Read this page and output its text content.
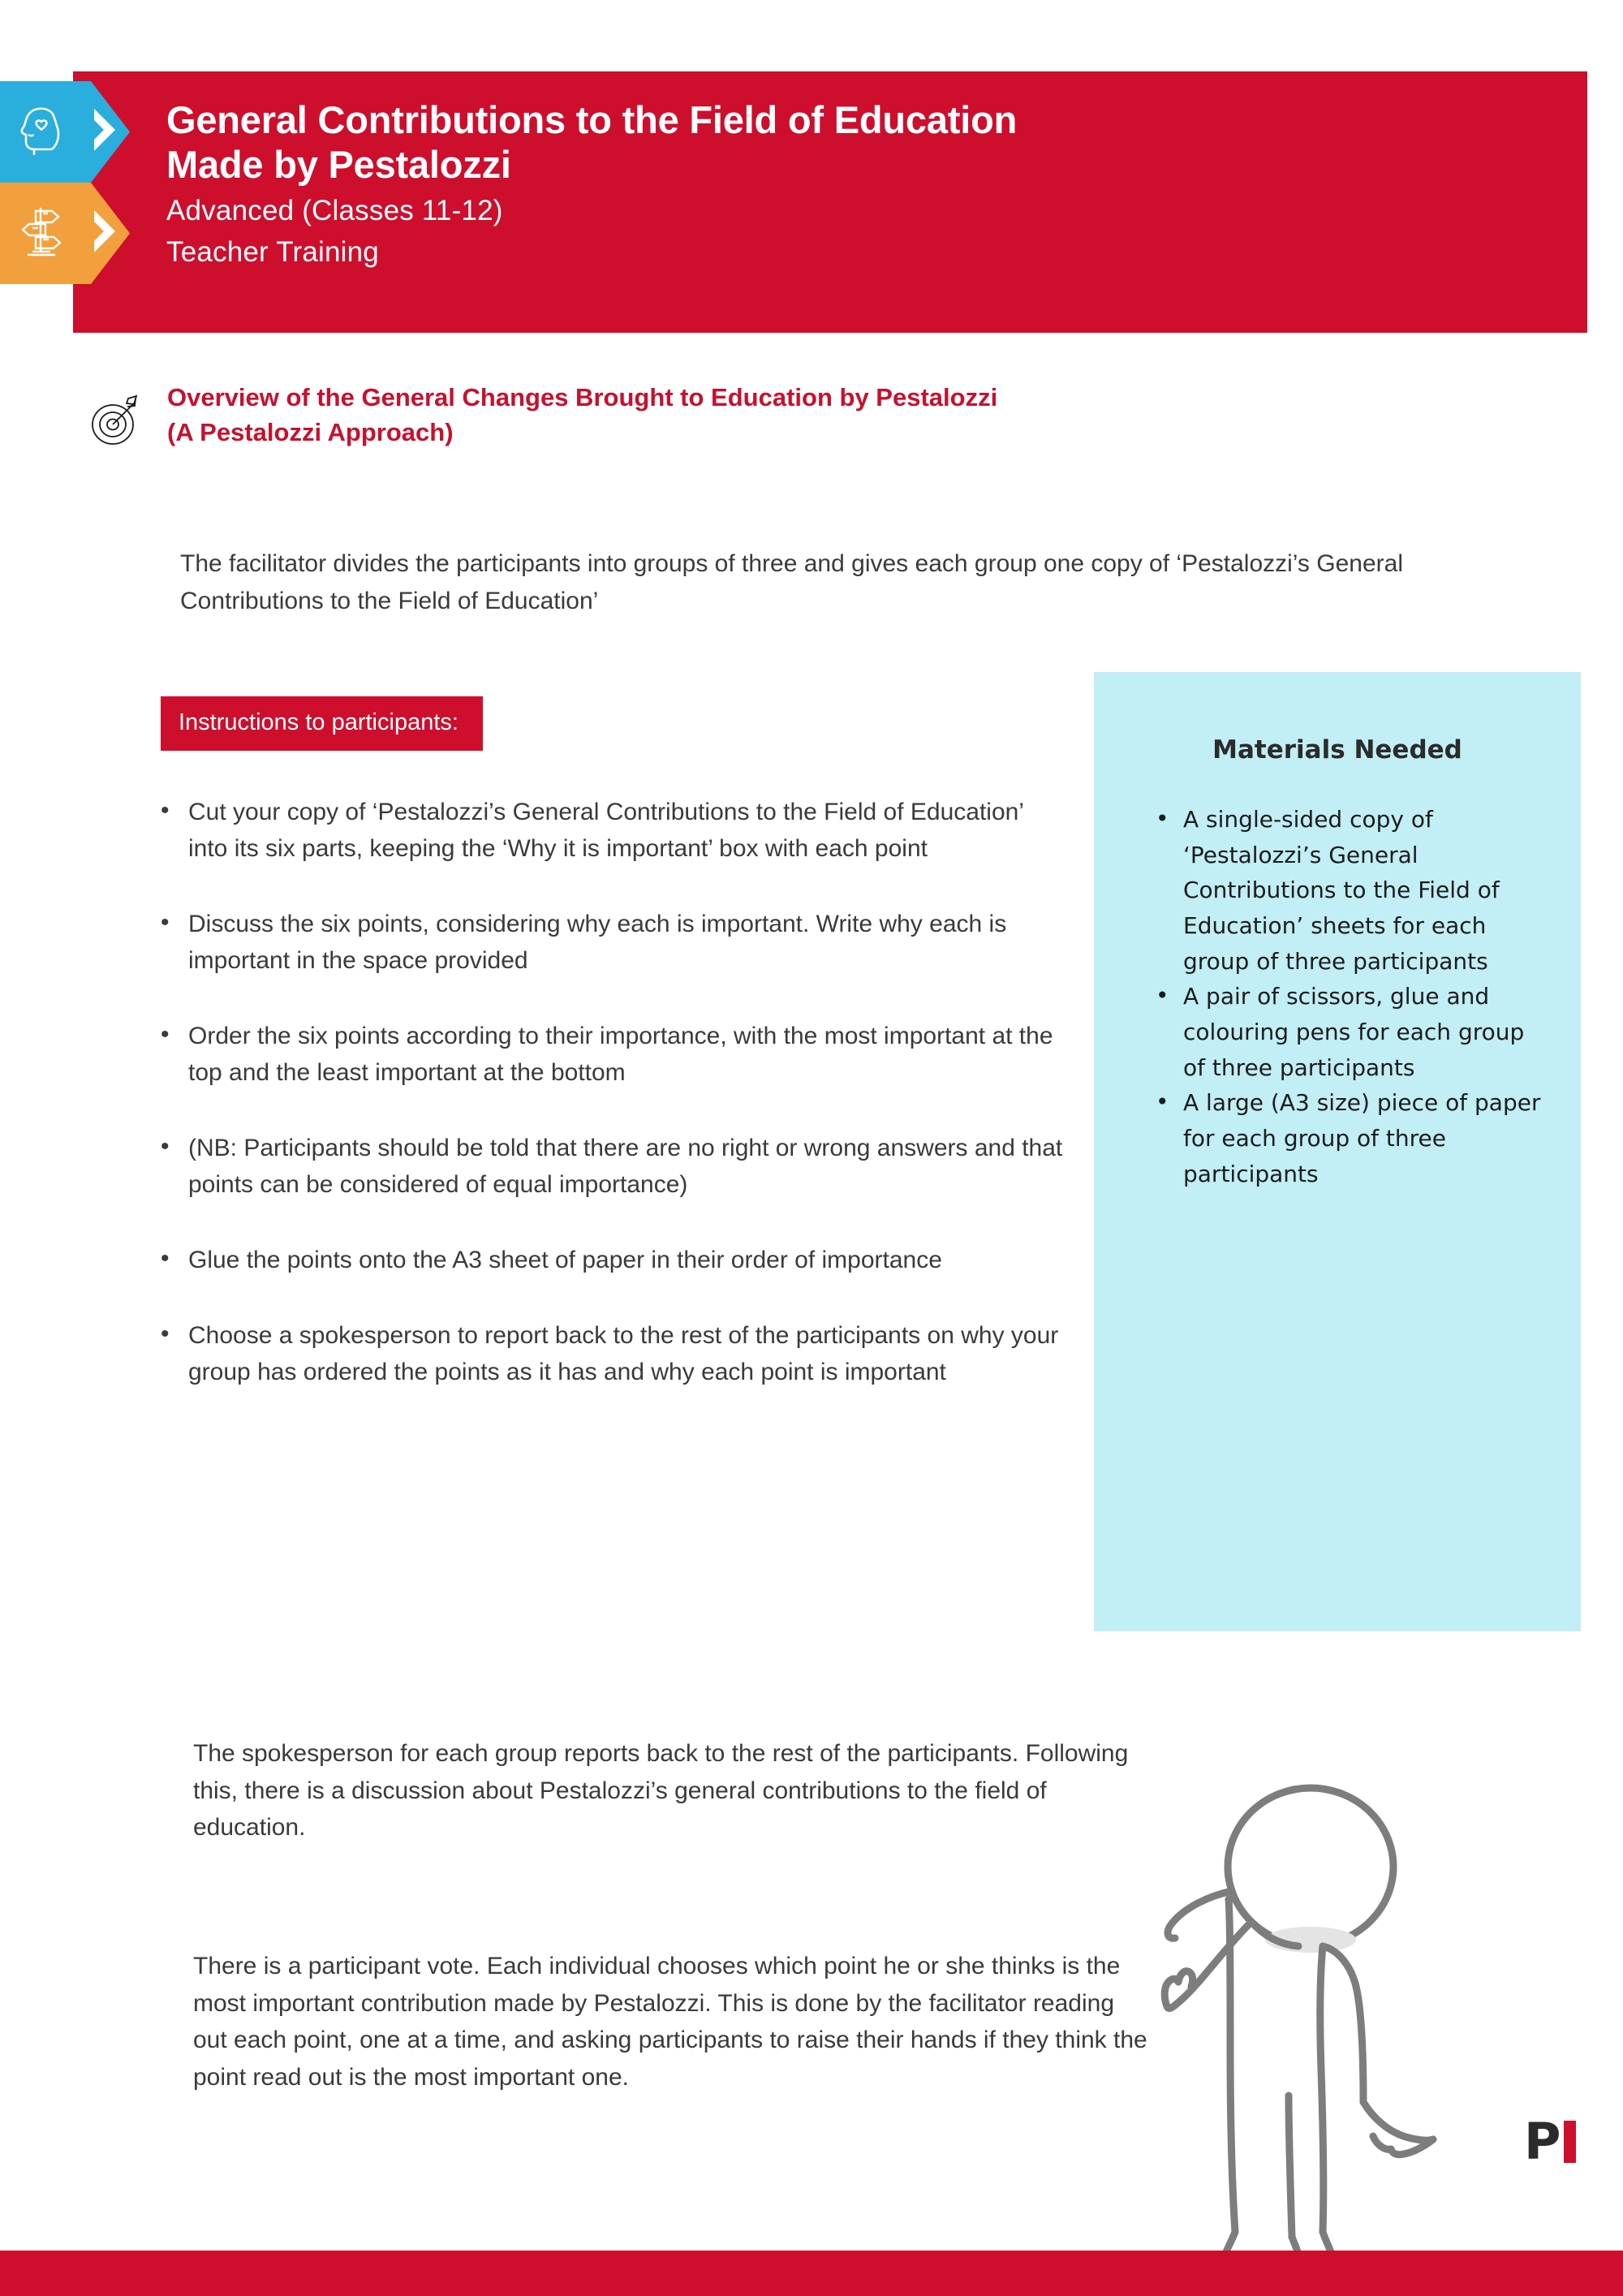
General Contributions to the Field of Education
Made by Pestalozzi
Advanced (Classes 11-12)
Teacher Training
Overview of the General Changes Brought to Education by Pestalozzi
(A Pestalozzi Approach)
The facilitator divides the participants into groups of three and gives each group one copy of ‘Pestalozzi’s General Contributions to the Field of Education’
Instructions to participants:
• Cut your copy of ‘Pestalozzi’s General Contributions to the Field of Education’ into its six parts, keeping the ‘Why it is important’ box with each point
• Discuss the six points, considering why each is important. Write why each is important in the space provided
• Order the six points according to their importance, with the most important at the top and the least important at the bottom
• (NB: Participants should be told that there are no right or wrong answers and that points can be considered of equal importance)
• Glue the points onto the A3 sheet of paper in their order of importance
• Choose a spokesperson to report back to the rest of the participants on why your group has ordered the points as it has and why each point is important
The spokesperson for each group reports back to the rest of the participants. Following this, there is a discussion about Pestalozzi’s general contributions to the field of education.
There is a participant vote. Each individual chooses which point he or she thinks is the most important contribution made by Pestalozzi. This is done by the facilitator reading out each point, one at a time, and asking participants to raise their hands if they think the point read out is the most important one.
Materials Needed
• A single-sided copy of ‘Pestalozzi’s General Contributions to the Field of Education’ sheets for each group of three participants
• A pair of scissors, glue and colouring pens for each group of three participants
• A large (A3 size) piece of paper for each group of three participants
P
